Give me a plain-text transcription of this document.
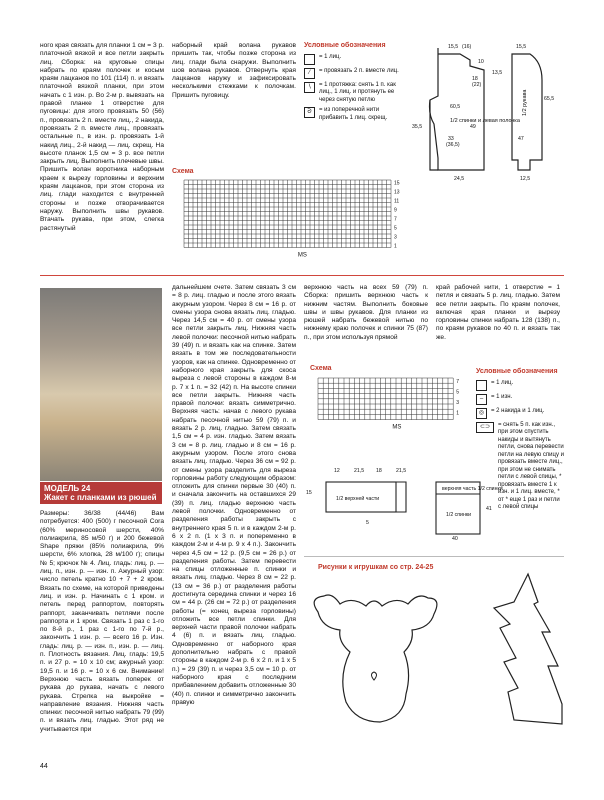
ного края связать для планки 1 см = 3 р. платочной вязкой и все петли закрыть лиц. Сборка: на круговые спицы набрать по краям полочек и косым краям лацканов по 101 (114) п. и вязать платочной вязкой планки, при этом начать с 1 изн. р. Во 2-м р. вывязать на правой планке 1 отверстие для пуговицы: для этого провязать 50 (56) п., провязать 2 п. вместе лиц., 2 накида, провязать 2 п. вместе лиц., провязать остальные п., в изн. р. провязать 1-й накид лиц., 2-й накид — лиц. скрещ. На высоте планок 1,5 см = 3 р. все петли закрыть лиц. Выполнить плечевые швы. Пришить волан воротника наборным краем к вырезу горловины и верхним краям лацканов, при этом сторона из лиц. глади находится с внутренней стороны и позже отворачивается наружу. Выполнить швы рукавов. Втачать рукава, при этом, слегка растянутый

наборный край волана рукавов пришить так, чтобы позже сторона из лиц. глади была снаружи. Выполнить шов волана рукавов. Отвернуть края лацканов наружу и зафиксировать несколькими стежками к полочкам. Пришить пуговицу.

Условные обозначения
= 1 лиц.
⁄	= провязать 2 п. вместе лиц.
∖	= 1 протяжка: снять 1 п. как лиц., 1 лиц. и протянуть ее через снятую петлю
ᘐ	= из поперечной нити прибавить 1 лиц. скрещ.
15,5 (16)
10
18
(22)
35,5	49
60,5
33
(36,5)
24,5
1/2 спинки и левая полочка
15,5
13,5
65,5
47
12,5
1/2 рукава
Схема
15
13
11
9
7
5
3
1
МS
МОДЕЛЬ 24
Жакет с планками из рюшей

Размеры: 36/38 (44/46) Вам потребуется: 400 (500) г песочной Cora (60% мериносовой шерсти, 40% полиакрила, 85 м/50 г) и 200 бежевой Shape пряжи (85% полиакрила, 9% шерсти, 6% хлопка, 28 м/100 г); спицы № 5; крючок № 4. Лиц. гладь: лиц. р. — лиц. п., изн. р. — изн. п. Ажурный узор: число петель кратно 10 + 7 + 2 кром. Вязать по схеме, на которой приведены лиц. и изн. р. Начинать с 1 кром. и петель перед раппортом, повторять раппорт, заканчивать петлями после раппорта и 1 кром. Связать 1 раз с 1-го по 8-й р., 1 раз с 1-го по 7-й р., закончить 1 изн. р. — всего 16 р. Изн. гладь: лиц. р. — изн. п., изн. р. — лиц. п. Плотность вязания. Лиц. гладь: 19,5 п. и 27 р. = 10 х 10 см; ажурный узор: 19,5 п. и 16 р. = 10 х 6 см. Внимание! Верхнюю часть вязать поперек от рукава до рукава, начать с левого рукава. Стрелка на выкройке = направление вязания. Нижняя часть спинки: песочной нитью набрать 79 (99) п. и вязать лиц. гладью. Этот ряд не учитывается при

дальнейшем счете. Затем связать 3 см = 8 р. лиц. гладью и после этого вязать ажурным узором. Через 8 см = 16 р. от смены узора снова вязать лиц. гладью. Через 14,5 см = 40 р. от смены узора все петли закрыть лиц. Нижняя часть левой полочки: песочной нитью набрать 39 (49) п. и вязать как на спинке. Затем вязать в том же последовательности узоров, как на спинке. Одновременно от наборного края закрыть для скоса выреза с левой стороны в каждом 8-м р. 7 х 1 п. = 32 (42) п. На высоте спинки все петли закрыть. Нижняя часть правой полочки: вязать симметрично. Верхняя часть: начав с левого рукава набрать песочной нитью 59 (79) п. и вязать 2 р. лиц. гладью. Затем связать 1,5 см = 4 р. изн. гладью. Затем вязать 3 см = 8 р. лиц. гладью и 8 см = 16 р. ажурным узором. После этого снова вязать лиц. гладью. Через 36 см = 92 р. от смены узора разделить для выреза горловины работу следующим образом: отложить для спинки первые 30 (40) п. и сначала закончить на оставшихся 29 (39) п. лиц. гладью верхнюю часть левой полочки. Одновременно от разделения работы закрыть с внутреннего края 5 п. и в каждом 2-м р. 6 х 2 п. (1 х 3 п. и попеременно в каждом 2-м и 4-м р. 9 х 4 п.). Закончить через 4,5 см = 12 р. (9,5 см = 26 р.) от разделения работы. Затем перевести на спицы отложенные п. спинки и вязать лиц. гладью. Через 8 см = 22 р. (13 см = 36 р.) от разделения работы достигнута середина спинки и через 16 см = 44 р. (26 см = 72 р.) от разделения работы (= конец выреза горловины) отложить все петли спинки. Для верхней части правой полочки набрать 4 (6) п. и вязать лиц. гладью. Одновременно от наборного края дополнительно набрать с правой стороны в каждом 2-м р. 6 х 2 п. и 1 х 5 п.) = 29 (39) п. и через 3,5 см = 10 р. от наборного края с последним прибавлением добавить отложенные 30 (40) п. спинки и симметрично закончить правую

верхнюю часть на всех 59 (79) п. Сборка: пришить верхнюю часть к нижним частям. Выполнить боковые швы и швы рукавов. Для планки из рюшей набрать бежевой нитью по нижнему краю полочек и спинки 75 (87) п., при этом используя прямой

край рабочей нити, 1 отверстие = 1 петля и связать 5 р. лиц. гладью. Затем все петли закрыть. По краям полочек, включая края планки и вырезу горловины спинки набрать 128 (138) п., по краям рукавов по 40 п. и вязать так же.

Схема
7
5
3
1
МS
Условные обозначения
= 1 лиц.
–	= 1 изн.
◎	= 2 накида и 1 лиц.
⊂⊃	= снять 5 п. как изн., при этом спустить накиды и вытянуть петли, снова перевести петли на левую спицу и провязать вместе лиц., при этом не снимать петли с левой спицы, * провязать вместе 1 к изн. и 1 лиц. вместе, * от * еще 1 раз и петли с левой спицы
12	21,5 18	21,5
15
1/2 верхней части
5
верхняя часть 1/2 спинки
1/2 спинки
41
40
Рисунки к игрушкам со стр. 24-25
44
